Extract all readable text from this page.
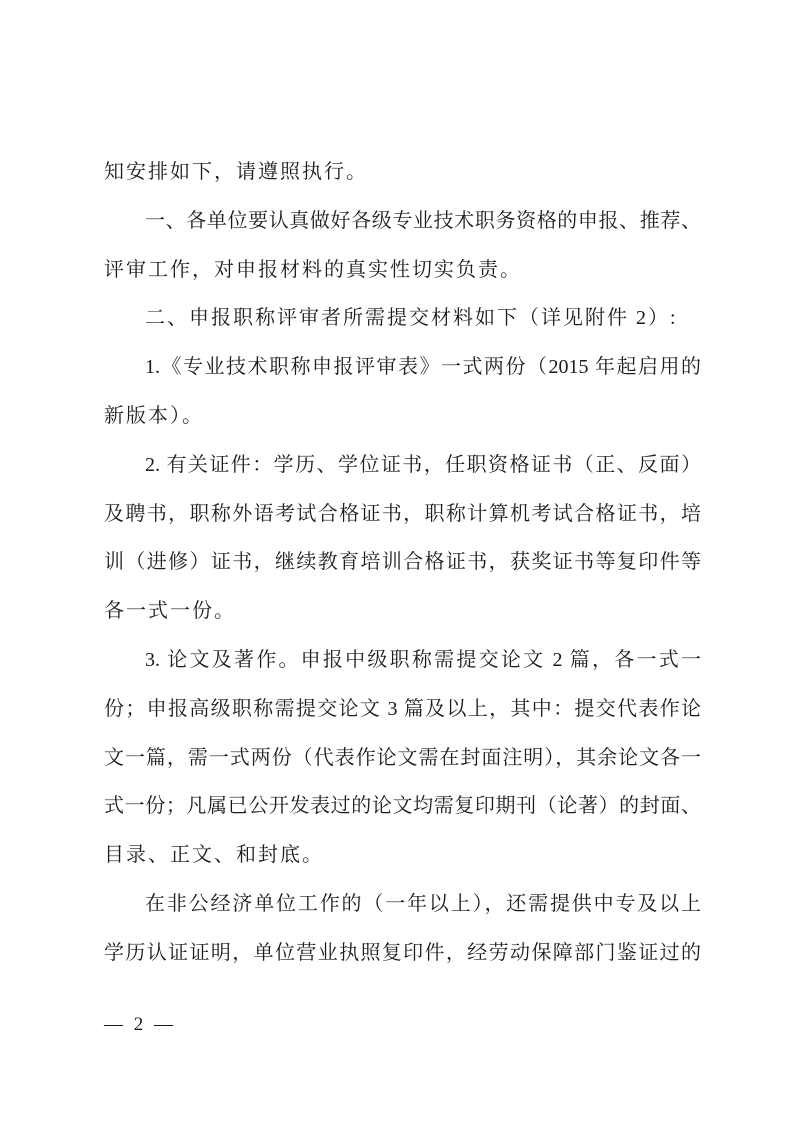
知安排如下，请遵照执行。

一、各单位要认真做好各级专业技术职务资格的申报、推荐、

评审工作，对申报材料的真实性切实负责。

二、申报职称评审者所需提交材料如下（详见附件 2）:

1.《专业技术职称申报评审表》一式两份（2015 年起启用的

新版本）。

2. 有关证件：学历、学位证书，任职资格证书（正、反面）

及聘书，职称外语考试合格证书，职称计算机考试合格证书，培

训（进修）证书，继续教育培训合格证书，获奖证书等复印件等

各一式一份。

3. 论文及著作。申报中级职称需提交论文 2 篇，各一式一

份；申报高级职称需提交论文 3 篇及以上，其中：提交代表作论

文一篇，需一式两份（代表作论文需在封面注明），其余论文各一

式一份；凡属已公开发表过的论文均需复印期刊（论著）的封面、

目录、正文、和封底。

在非公经济单位工作的（一年以上），还需提供中专及以上

学历认证证明，单位营业执照复印件，经劳动保障部门鉴证过的

— 2 —
